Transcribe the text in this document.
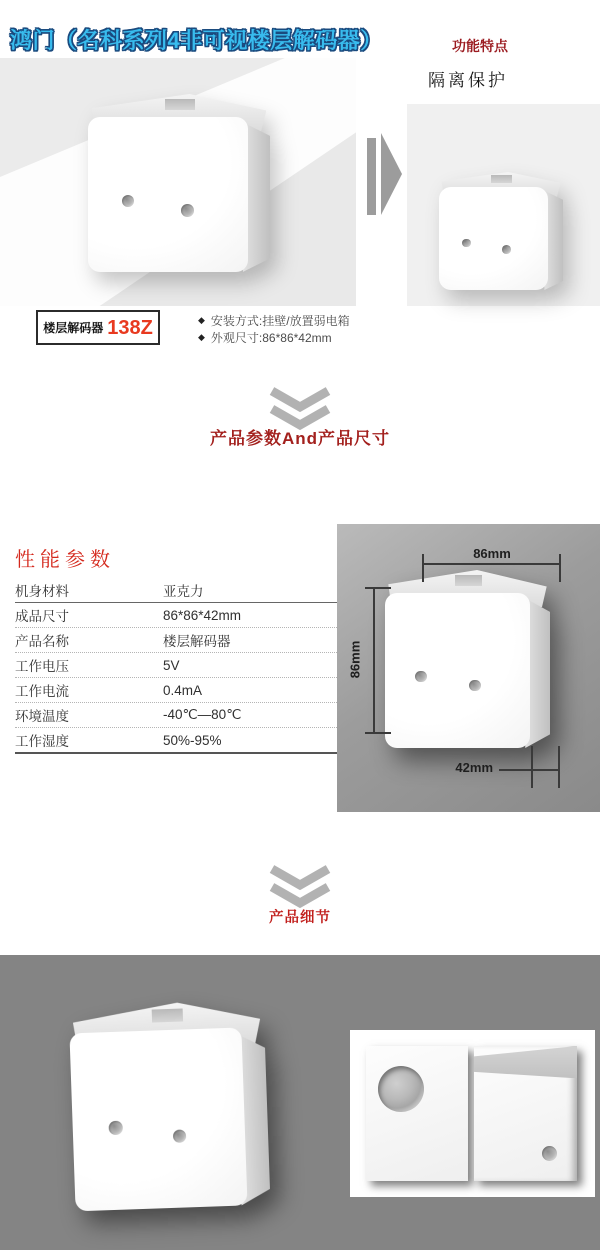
鸿门（名科系列4非可视楼层解码器）	功能特点
隔离保护
楼层解码器 138Z	◆ 安装方式:挂壁/放置弱电箱
◆ 外观尺寸:86*86*42mm
产品参数And产品尺寸
性能参数
机身材料	亚克力
成品尺寸	86*86*42mm
产品名称	楼层解码器
工作电压	5V
工作电流	0.4mA
环境温度	-40℃—80℃
工作湿度	50%-95%
86mm
86mm
42mm
产品细节
